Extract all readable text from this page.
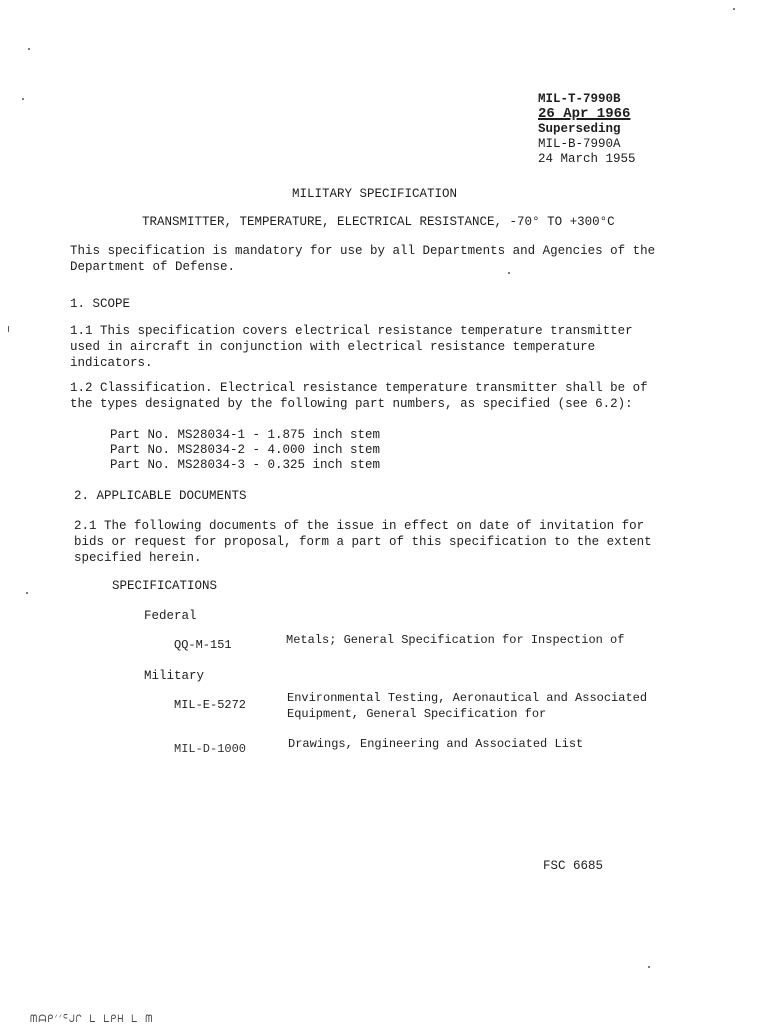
MIL-T-7990B
26 Apr 1966
Superseding
MIL-B-7990A
24 March 1955
MILITARY SPECIFICATION
TRANSMITTER, TEMPERATURE, ELECTRICAL RESISTANCE, -70° TO +300°C
This specification is mandatory for use by all Departments and Agencies of the Department of Defense.
1. SCOPE
1.1 This specification covers electrical resistance temperature transmitter used in aircraft in conjunction with electrical resistance temperature indicators.
1.2 Classification. Electrical resistance temperature transmitter shall be of the types designated by the following part numbers, as specified (see 6.2):
Part No. MS28034-1 - 1.875 inch stem
Part No. MS28034-2 - 4.000 inch stem
Part No. MS28034-3 - 0.325 inch stem
2. APPLICABLE DOCUMENTS
2.1 The following documents of the issue in effect on date of invitation for bids or request for proposal, form a part of this specification to the extent specified herein.
SPECIFICATIONS
Federal
QQ-M-151	Metals; General Specification for Inspection of
Military
MIL-E-5272	Environmental Testing, Aeronautical and Associated Equipment, General Specification for
MIL-D-1000	Drawings, Engineering and Associated List
FSC 6685
ᗰᗩᑭᐟᐟᑦᒍᒋ ᒪ ᒪᑭᕼ ᒪ ᗰ
